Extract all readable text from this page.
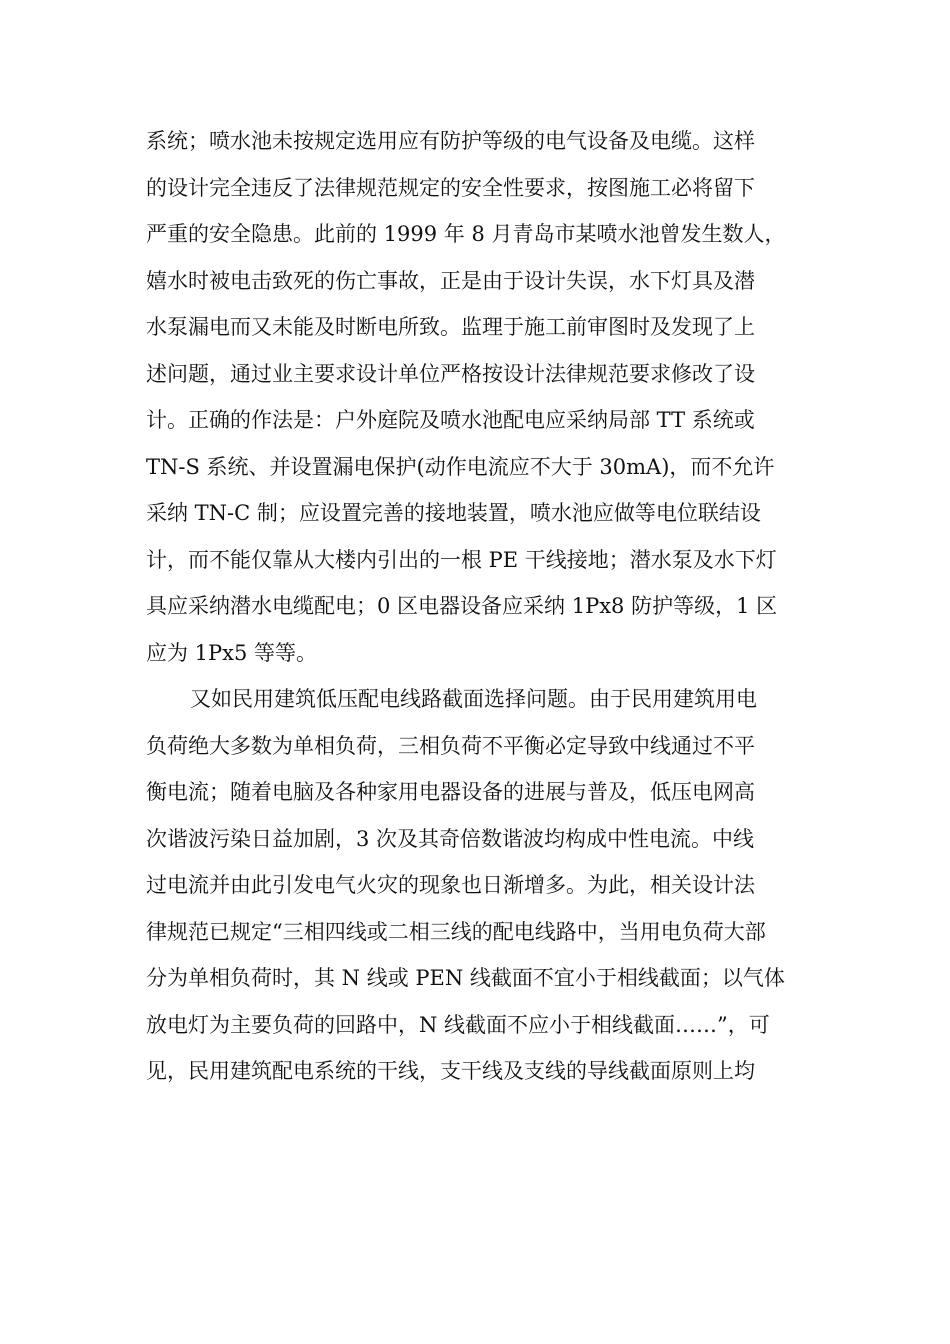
系统；喷水池未按规定选用应有防护等级的电气设备及电缆。这样
的设计完全违反了法律规范规定的安全性要求，按图施工必将留下
严重的安全隐患。此前的 1999 年 8 月青岛市某喷水池曾发生数人，
嬉水时被电击致死的伤亡事故，正是由于设计失误，水下灯具及潜
水泵漏电而又未能及时断电所致。监理于施工前审图时及发现了上
述问题，通过业主要求设计单位严格按设计法律规范要求修改了设
计。正确的作法是：户外庭院及喷水池配电应采纳局部 TT 系统或
TN-S 系统、并设置漏电保护(动作电流应不大于 30mA)，而不允许
采纳 TN-C 制；应设置完善的接地装置，喷水池应做等电位联结设
计，而不能仅靠从大楼内引出的一根 PE 干线接地；潜水泵及水下灯
具应采纳潜水电缆配电；0 区电器设备应采纳 1Px8 防护等级，1 区
应为 1Px5 等等。
又如民用建筑低压配电线路截面选择问题。由于民用建筑用电
负荷绝大多数为单相负荷，三相负荷不平衡必定导致中线通过不平
衡电流；随着电脑及各种家用电器设备的进展与普及，低压电网高
次谐波污染日益加剧，3 次及其奇倍数谐波均构成中性电流。中线
过电流并由此引发电气火灾的现象也日渐增多。为此，相关设计法
律规范已规定“三相四线或二相三线的配电线路中，当用电负荷大部
分为单相负荷时，其 N 线或 PEN 线截面不宜小于相线截面；以气体
放电灯为主要负荷的回路中，N 线截面不应小于相线截面……”，可
见，民用建筑配电系统的干线，支干线及支线的导线截面原则上均
